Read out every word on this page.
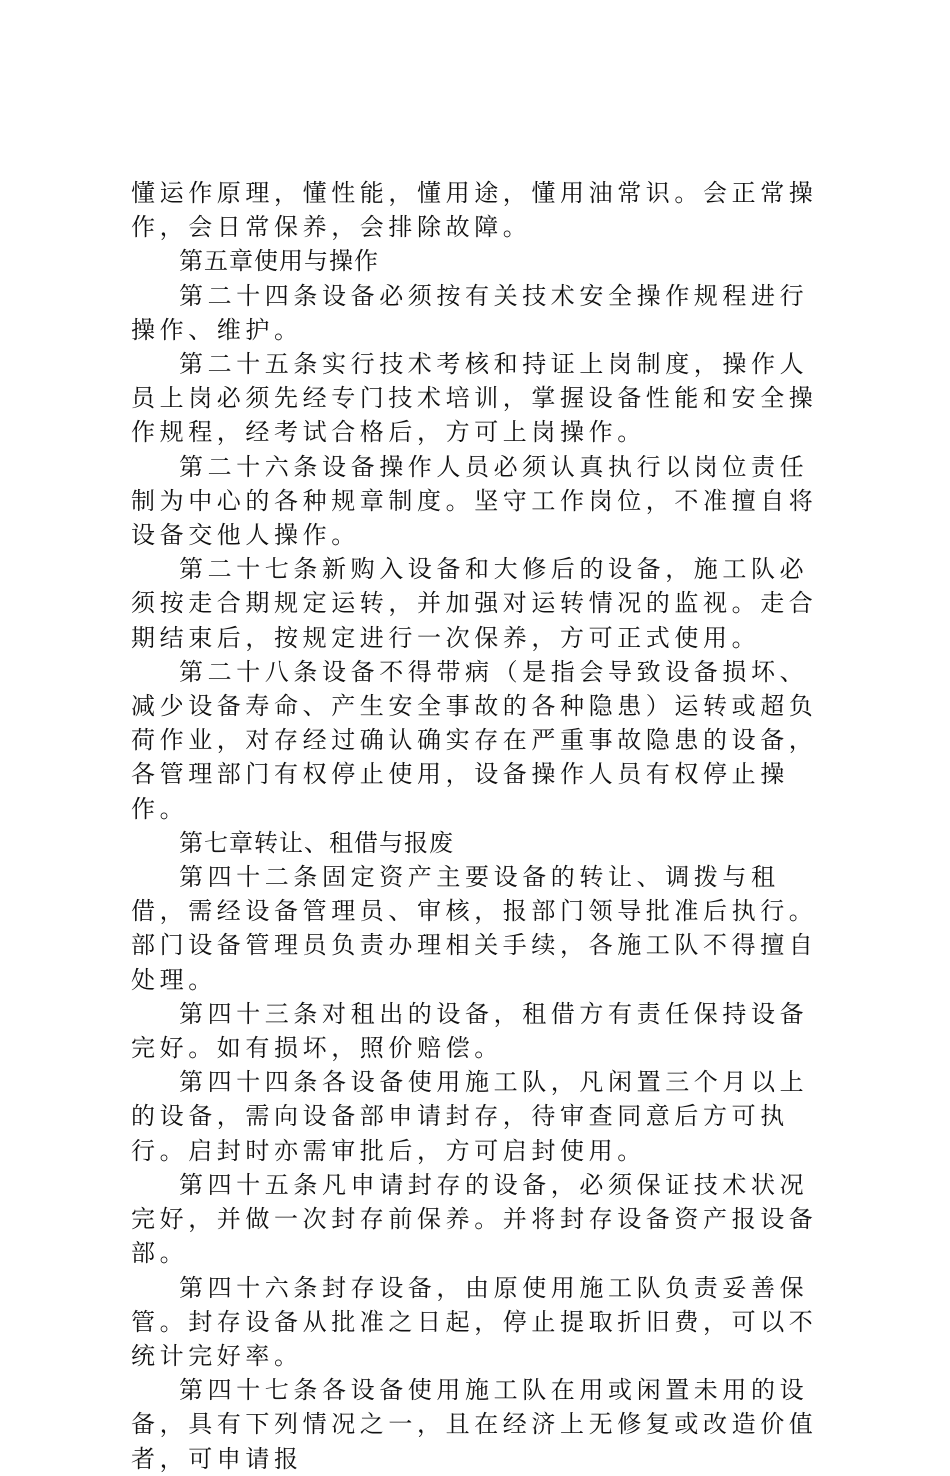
懂运作原理，懂性能，懂用途，懂用油常识。会正常操作，会日常保养，会排除故障。

第五章使用与操作

第二十四条设备必须按有关技术安全操作规程进行操作、维护。

第二十五条实行技术考核和持证上岗制度，操作人员上岗必须先经专门技术培训，掌握设备性能和安全操作规程，经考试合格后，方可上岗操作。

第二十六条设备操作人员必须认真执行以岗位责任制为中心的各种规章制度。坚守工作岗位，不准擅自将设备交他人操作。

第二十七条新购入设备和大修后的设备，施工队必须按走合期规定运转，并加强对运转情况的监视。走合期结束后，按规定进行一次保养，方可正式使用。

第二十八条设备不得带病（是指会导致设备损坏、减少设备寿命、产生安全事故的各种隐患）运转或超负荷作业，对存经过确认确实存在严重事故隐患的设备，各管理部门有权停止使用，设备操作人员有权停止操作。

第七章转让、租借与报废

第四十二条固定资产主要设备的转让、调拨与租借，需经设备管理员、审核，报部门领导批准后执行。部门设备管理员负责办理相关手续，各施工队不得擅自处理。

第四十三条对租出的设备，租借方有责任保持设备完好。如有损坏，照价赔偿。

第四十四条各设备使用施工队，凡闲置三个月以上的设备，需向设备部申请封存，待审查同意后方可执行。启封时亦需审批后，方可启封使用。

第四十五条凡申请封存的设备，必须保证技术状况完好，并做一次封存前保养。并将封存设备资产报设备部。

第四十六条封存设备，由原使用施工队负责妥善保管。封存设备从批准之日起，停止提取折旧费，可以不统计完好率。

第四十七条各设备使用施工队在用或闲置未用的设备，具有下列情况之一，且在经济上无修复或改造价值者，可申请报
